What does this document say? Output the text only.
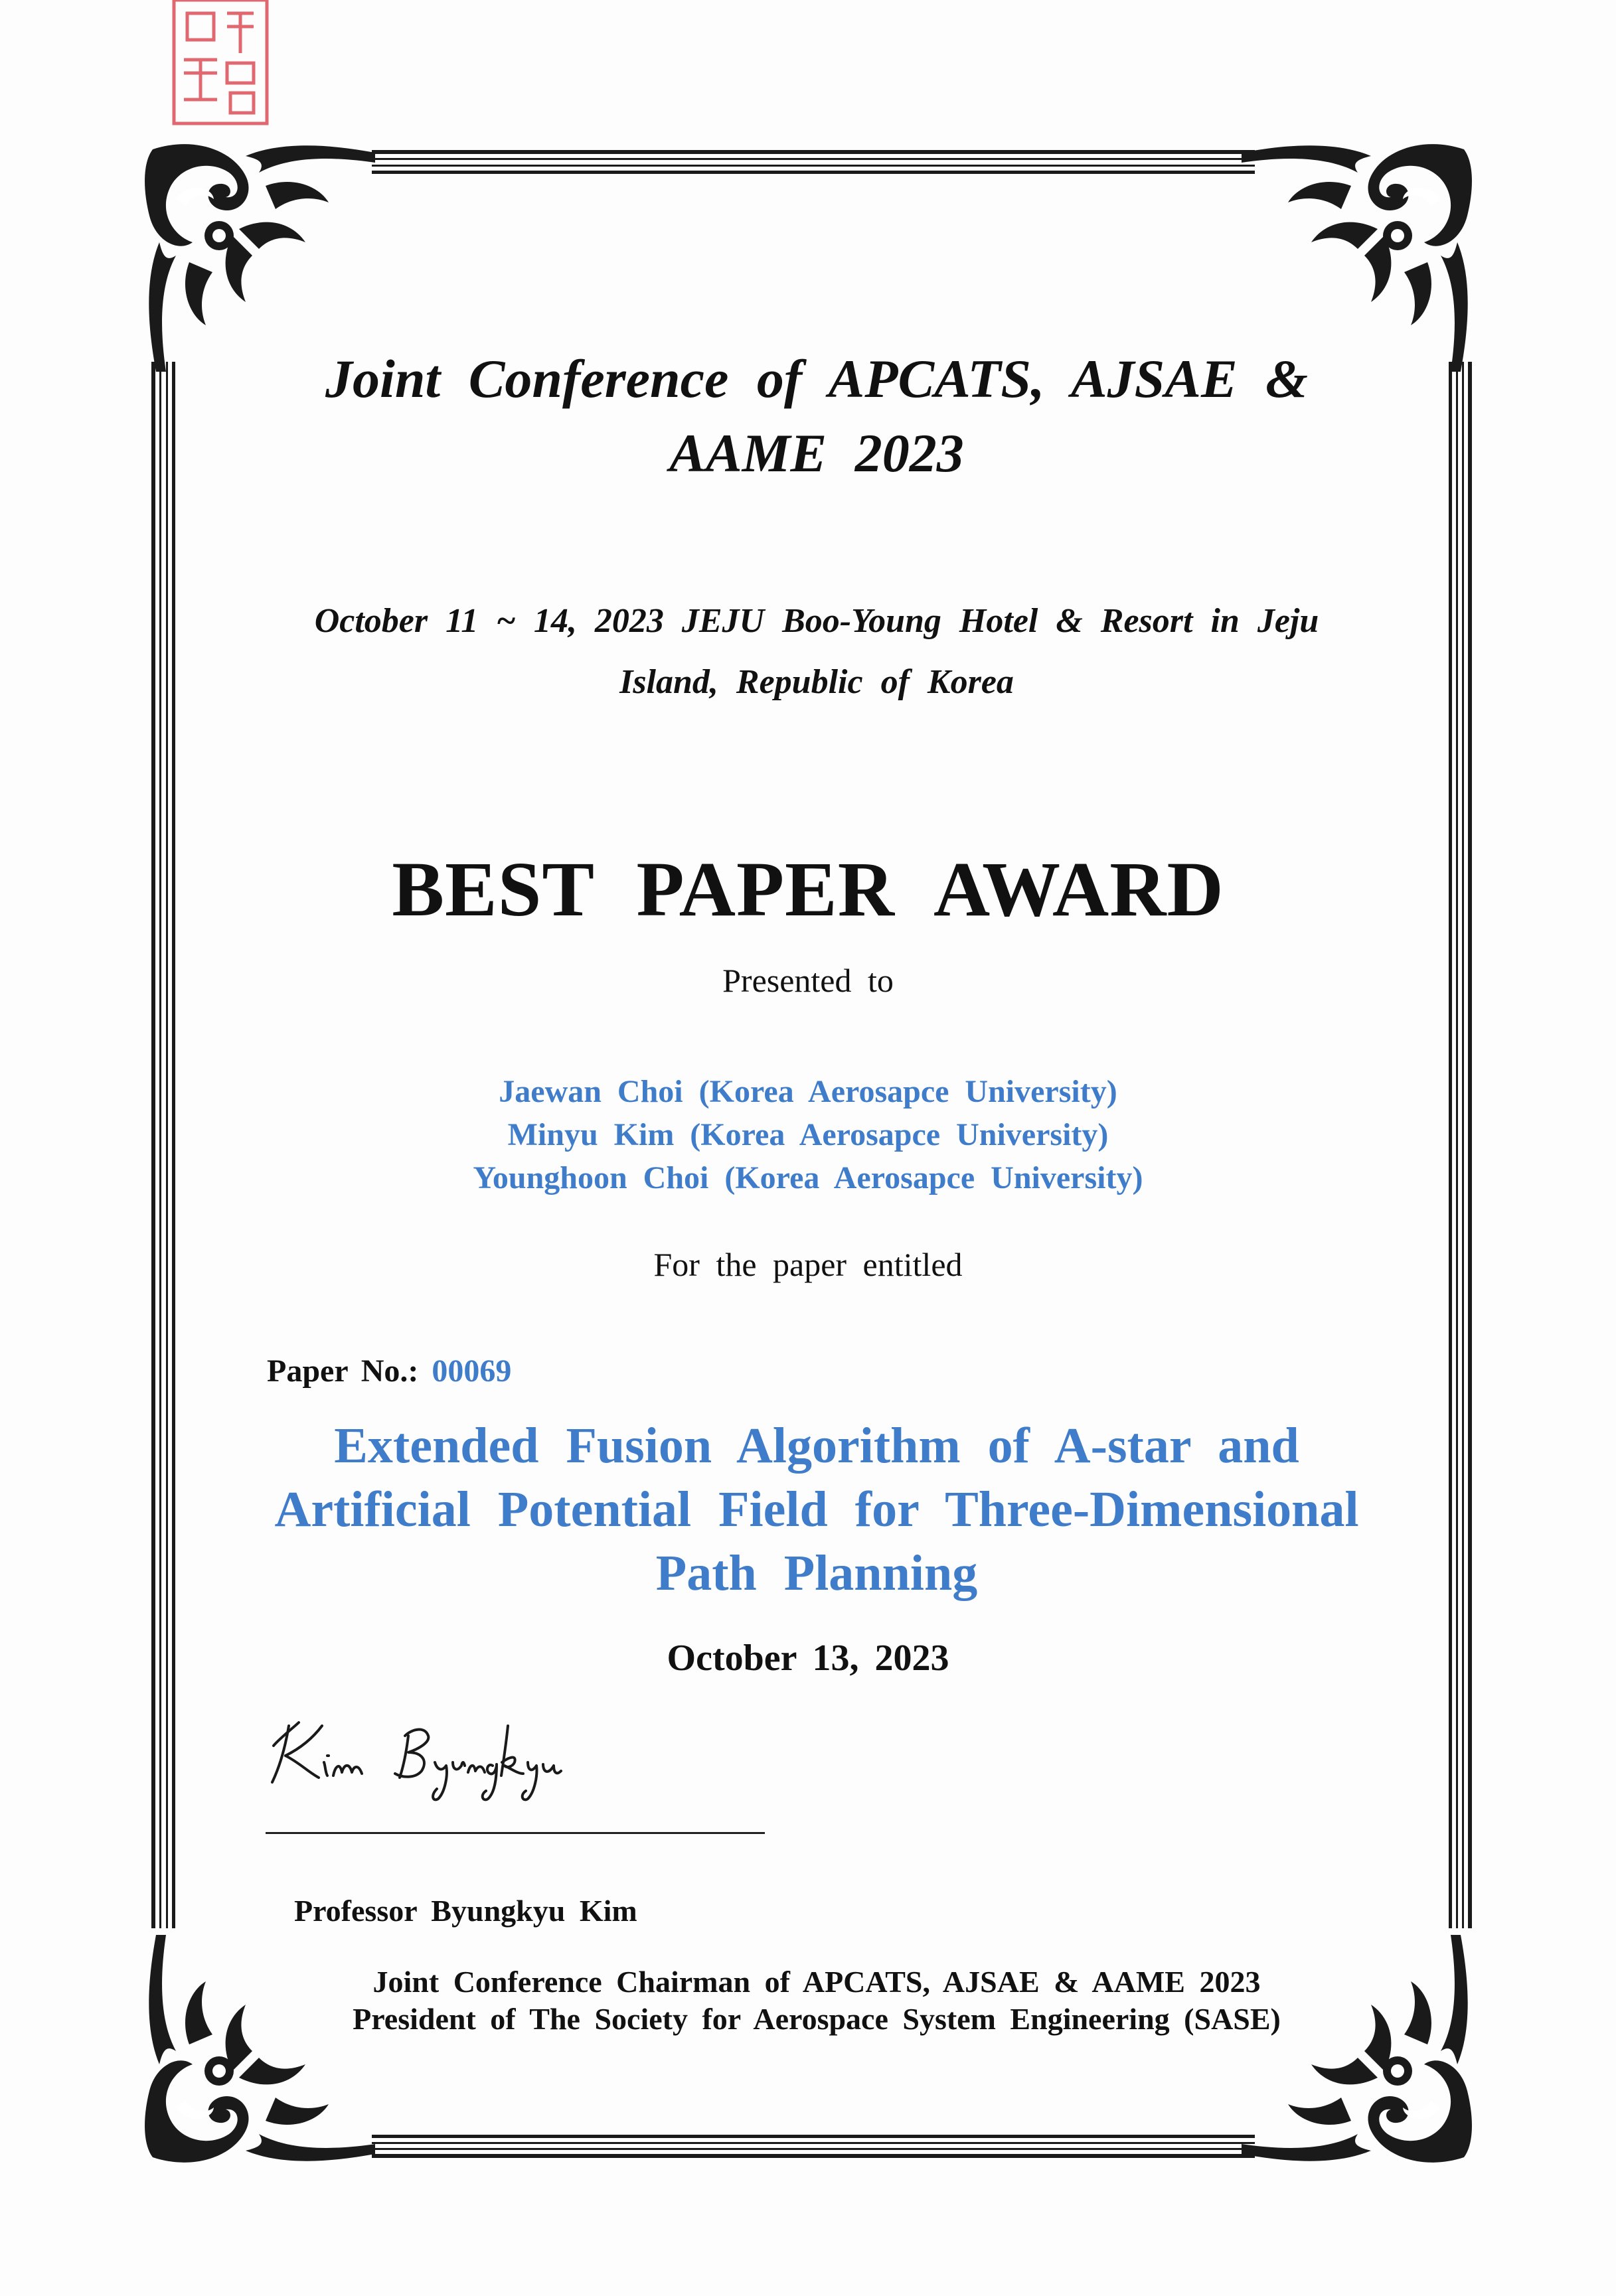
Joint Conference of APCATS, AJSAE & AAME 2023
October 11 ~ 14, 2023 JEJU Boo-Young Hotel & Resort in Jeju Island, Republic of Korea
BEST PAPER AWARD
Presented to
Jaewan Choi (Korea Aerosapce University)
Minyu Kim (Korea Aerosapce University)
Younghoon Choi (Korea Aerosapce University)
For the paper entitled
Paper No.: 00069
Extended Fusion Algorithm of A-star and Artificial Potential Field for Three-Dimensional Path Planning
October 13, 2023
Professor Byungkyu Kim
Joint Conference Chairman of APCATS, AJSAE & AAME 2023
President of The Society for Aerospace System Engineering (SASE)
